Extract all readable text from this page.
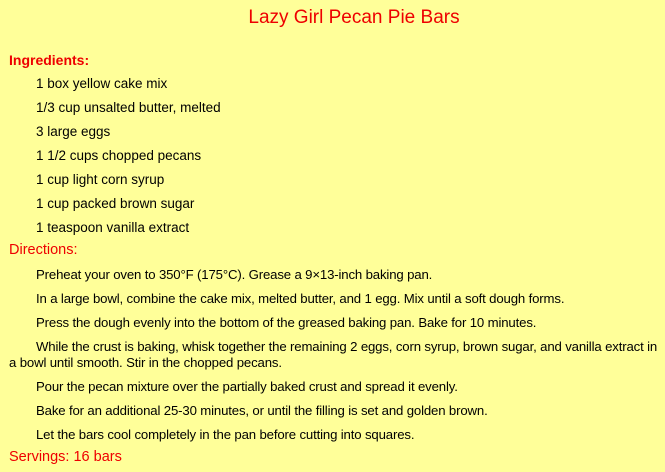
Lazy Girl Pecan Pie Bars
Ingredients:
1 box yellow cake mix
1/3 cup unsalted butter, melted
3 large eggs
1 1/2 cups chopped pecans
1 cup light corn syrup
1 cup packed brown sugar
1 teaspoon vanilla extract
Directions:
Preheat your oven to 350°F (175°C). Grease a 9×13-inch baking pan.
In a large bowl, combine the cake mix, melted butter, and 1 egg. Mix until a soft dough forms.
Press the dough evenly into the bottom of the greased baking pan. Bake for 10 minutes.
While the crust is baking, whisk together the remaining 2 eggs, corn syrup, brown sugar, and vanilla extract in a bowl until smooth. Stir in the chopped pecans.
Pour the pecan mixture over the partially baked crust and spread it evenly.
Bake for an additional 25-30 minutes, or until the filling is set and golden brown.
Let the bars cool completely in the pan before cutting into squares.
Servings: 16 bars
